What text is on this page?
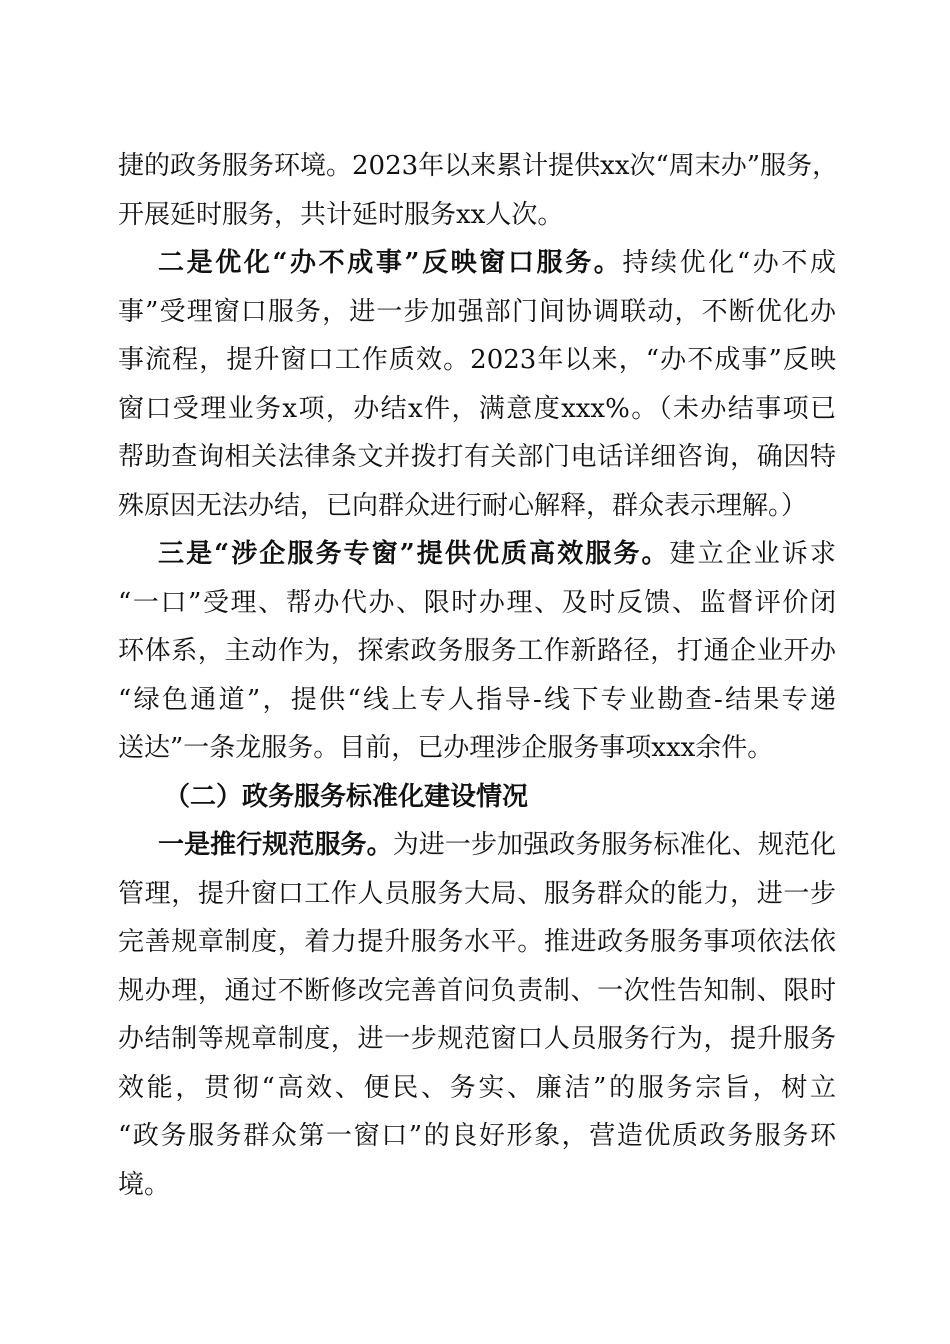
捷的政务服务环境。2023年以来累计提供xx次“周末办”服务，
开展延时服务，共计延时服务xx人次。
二是优化“办不成事”反映窗口服务。持续优化“办不成
事”受理窗口服务，进一步加强部门间协调联动，不断优化办
事流程，提升窗口工作质效。2023年以来，“办不成事”反映
窗口受理业务x项，办结x件，满意度xxx%。（未办结事项已
帮助查询相关法律条文并拨打有关部门电话详细咨询，确因特
殊原因无法办结，已向群众进行耐心解释，群众表示理解。）
三是“涉企服务专窗”提供优质高效服务。建立企业诉求
“一口”受理、帮办代办、限时办理、及时反馈、监督评价闭
环体系，主动作为，探索政务服务工作新路径，打通企业开办
“绿色通道”，提供“线上专人指导-线下专业勘查-结果专递
送达”一条龙服务。目前，已办理涉企服务事项xxx余件。
（二）政务服务标准化建设情况
一是推行规范服务。为进一步加强政务服务标准化、规范化
管理，提升窗口工作人员服务大局、服务群众的能力，进一步
完善规章制度，着力提升服务水平。推进政务服务事项依法依
规办理，通过不断修改完善首问负责制、一次性告知制、限时
办结制等规章制度，进一步规范窗口人员服务行为，提升服务
效能，贯彻“高效、便民、务实、廉洁”的服务宗旨，树立
“政务服务群众第一窗口”的良好形象，营造优质政务服务环
境。
